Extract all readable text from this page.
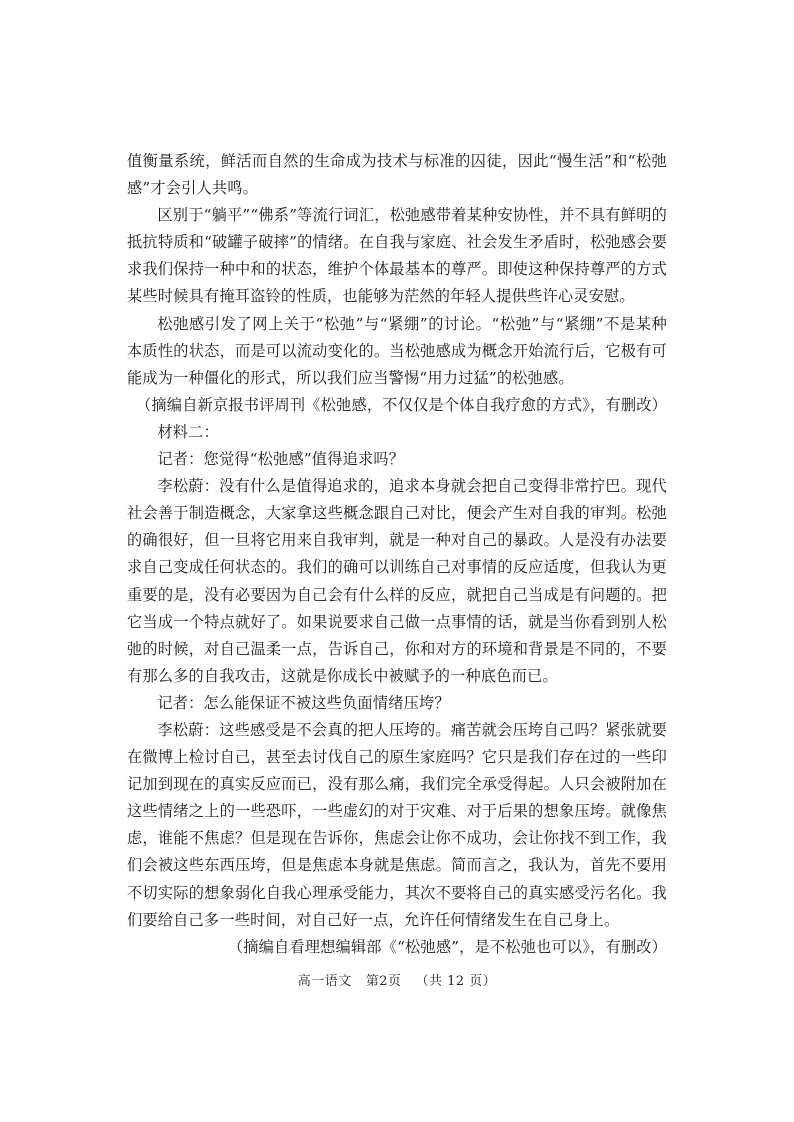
值衡量系统，鲜活而自然的生命成为技术与标准的囚徒，因此“慢生活”和“松弛感”才会引人共鸣。

区别于“躺平”“佛系”等流行词汇，松弛感带着某种安协性，并不具有鲜明的抵抗特质和“破罐子破摔”的情绪。在自我与家庭、社会发生矛盾时，松弛感会要求我们保持一种中和的状态，维护个体最基本的尊严。即使这种保持尊严的方式某些时候具有掩耳盗铃的性质，也能够为茫然的年轻人提供些许心灵安慰。

松弛感引发了网上关于“松弛”与“紧绷”的讨论。“松弛”与“紧绷”不是某种本质性的状态，而是可以流动变化的。当松弛感成为概念开始流行后，它极有可能成为一种僵化的形式，所以我们应当警惕“用力过猛”的松弛感。

（摘编自新京报书评周刊《松弛感，不仅仅是个体自我疗愈的方式》，有删改）

材料二：

记者：您觉得“松弛感”值得追求吗？

李松蔚：没有什么是值得追求的，追求本身就会把自己变得非常拧巴。现代社会善于制造概念，大家拿这些概念跟自己对比，便会产生对自我的审判。松弛的确很好，但一旦将它用来自我审判，就是一种对自己的暴政。人是没有办法要求自己变成任何状态的。我们的确可以训练自己对事情的反应适度，但我认为更重要的是，没有必要因为自己会有什么样的反应，就把自己当成是有问题的。把它当成一个特点就好了。如果说要求自己做一点事情的话，就是当你看到别人松弛的时候，对自己温柔一点，告诉自己，你和对方的环境和背景是不同的，不要有那么多的自我攻击，这就是你成长中被赋予的一种底色而已。

记者：怎么能保证不被这些负面情绪压垮？

李松蔚：这些感受是不会真的把人压垮的。痛苦就会压垮自己吗？紧张就要在微博上检讨自己，甚至去讨伐自己的原生家庭吗？它只是我们存在过的一些印记加到现在的真实反应而已，没有那么痛，我们完全承受得起。人只会被附加在这些情绪之上的一些恐吓，一些虚幻的对于灾难、对于后果的想象压垮。就像焦虑，谁能不焦虑？但是现在告诉你，焦虑会让你不成功，会让你找不到工作，我们会被这些东西压垮，但是焦虑本身就是焦虑。简而言之，我认为，首先不要用不切实际的想象弱化自我心理承受能力，其次不要将自己的真实感受污名化。我们要给自己多一些时间，对自己好一点，允许任何情绪发生在自己身上。

（摘编自看理想编辑部《“松弛感”，是不松弛也可以》，有删改）

高一语文 第2页 （共 12 页）
